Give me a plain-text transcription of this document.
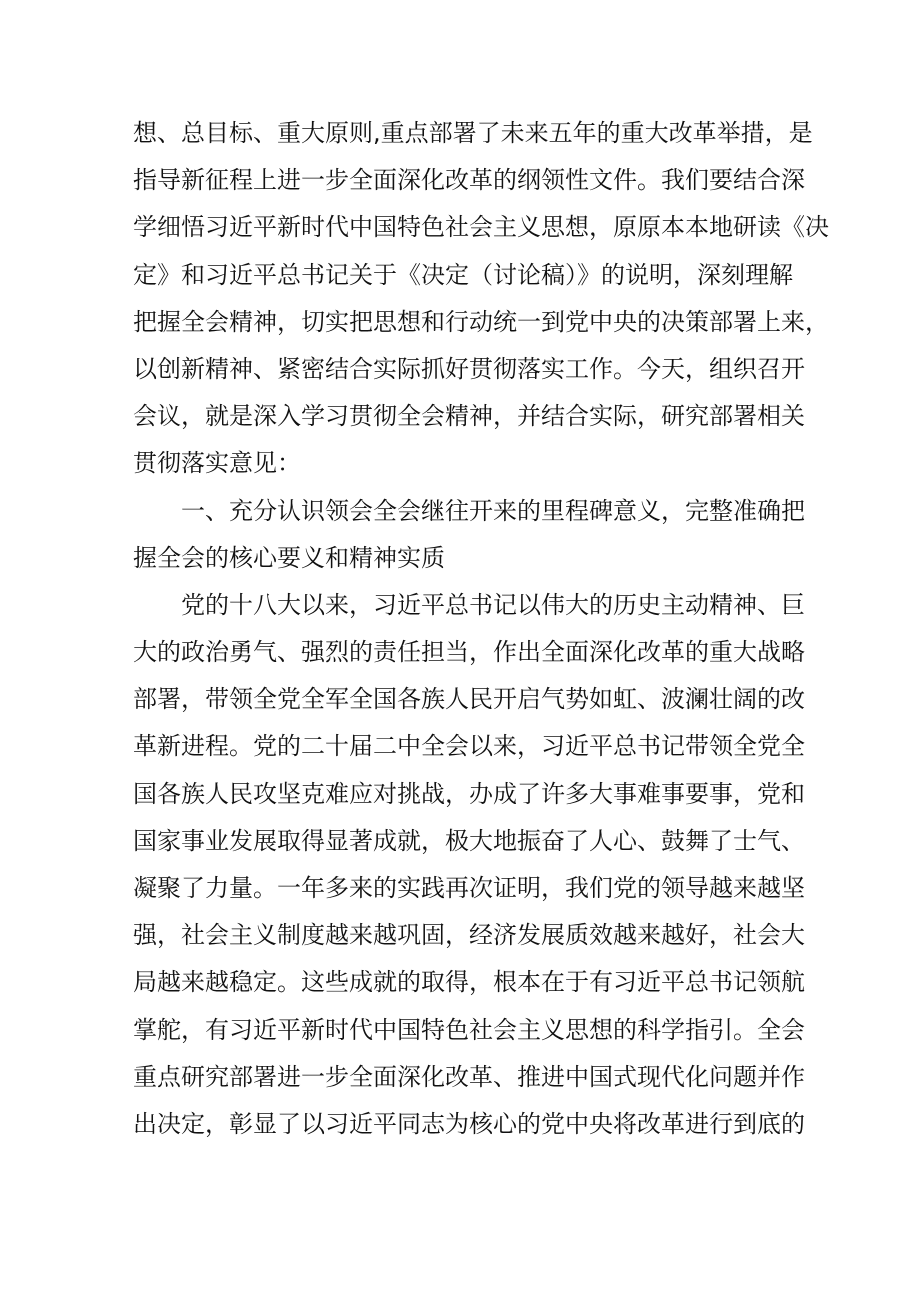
想、总目标、重大原则,重点部署了未来五年的重大改革举措，是
指导新征程上进一步全面深化改革的纲领性文件。我们要结合深
学细悟习近平新时代中国特色社会主义思想，原原本本地研读《决
定》和习近平总书记关于《决定（讨论稿）》的说明，深刻理解
把握全会精神，切实把思想和行动统一到党中央的决策部署上来，
以创新精神、紧密结合实际抓好贯彻落实工作。今天，组织召开
会议，就是深入学习贯彻全会精神，并结合实际，研究部署相关
贯彻落实意见：
一、充分认识领会全会继往开来的里程碑意义，完整准确把
握全会的核心要义和精神实质
党的十八大以来，习近平总书记以伟大的历史主动精神、巨
大的政治勇气、强烈的责任担当，作出全面深化改革的重大战略
部署，带领全党全军全国各族人民开启气势如虹、波澜壮阔的改
革新进程。党的二十届二中全会以来，习近平总书记带领全党全
国各族人民攻坚克难应对挑战，办成了许多大事难事要事，党和
国家事业发展取得显著成就，极大地振奋了人心、鼓舞了士气、
凝聚了力量。一年多来的实践再次证明，我们党的领导越来越坚
强，社会主义制度越来越巩固，经济发展质效越来越好，社会大
局越来越稳定。这些成就的取得，根本在于有习近平总书记领航
掌舵，有习近平新时代中国特色社会主义思想的科学指引。全会
重点研究部署进一步全面深化改革、推进中国式现代化问题并作
出决定，彰显了以习近平同志为核心的党中央将改革进行到底的
